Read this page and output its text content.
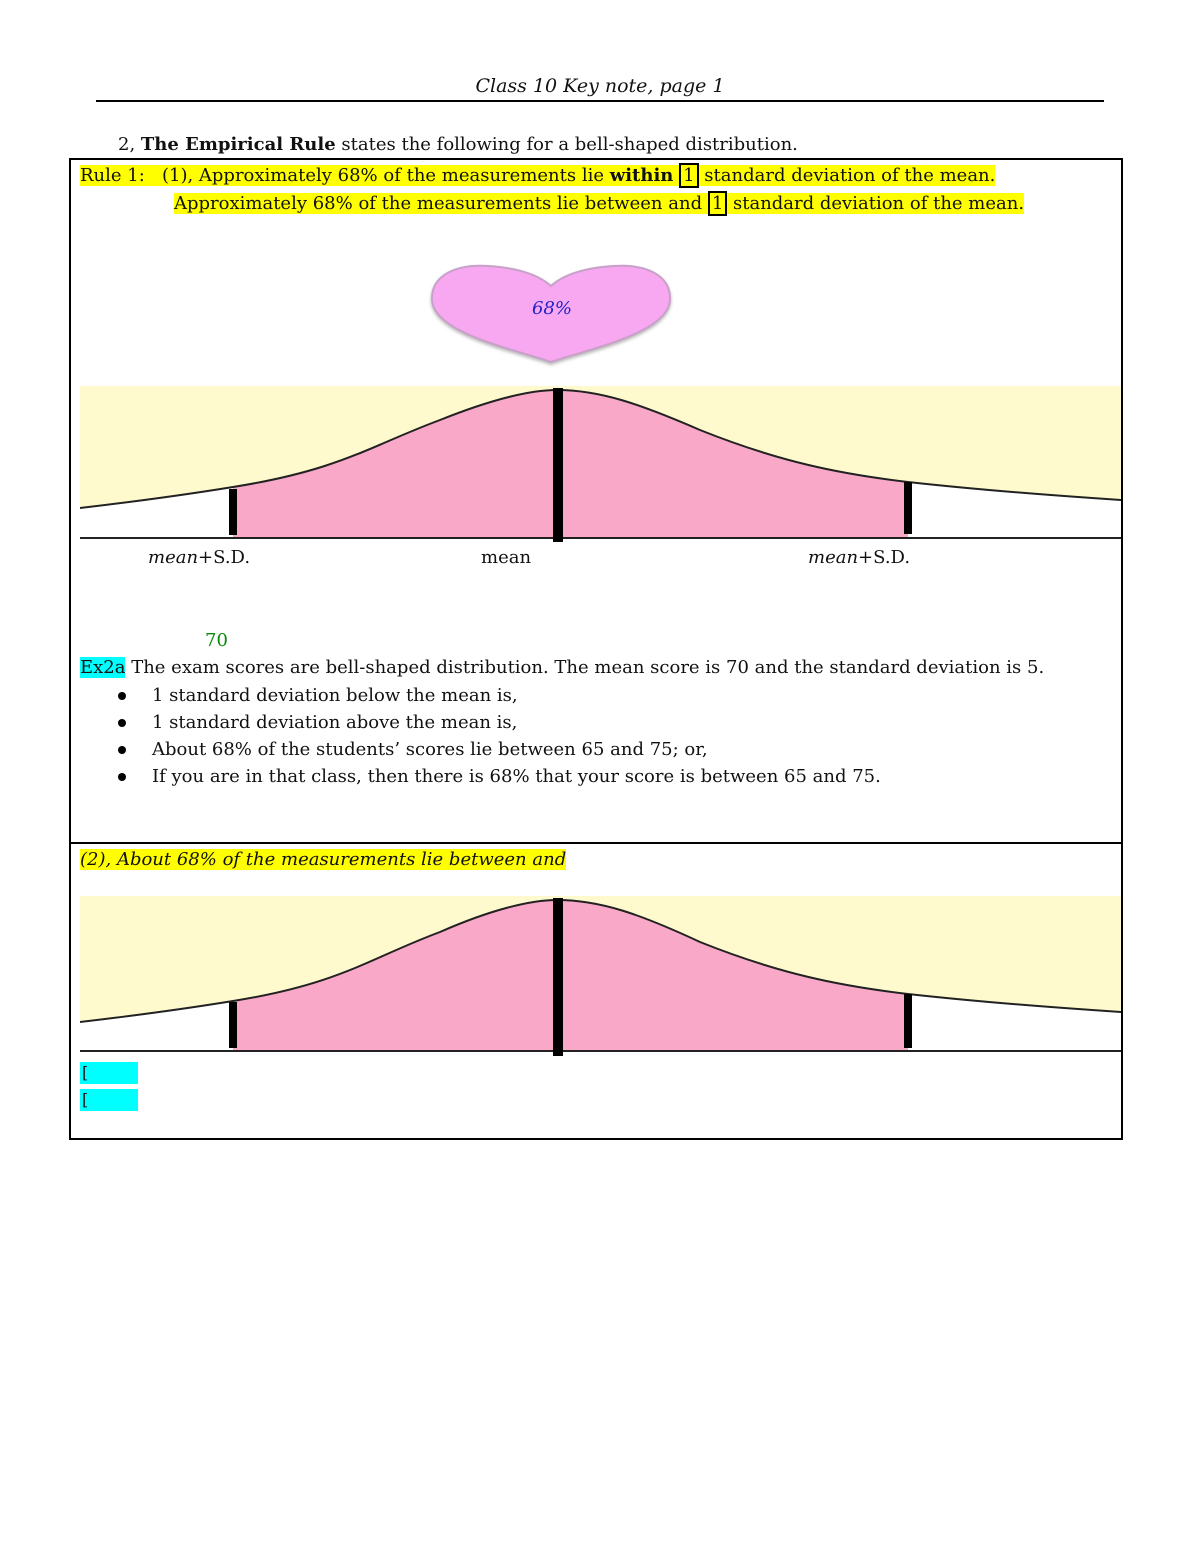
Class 10 Key note, page 1
2, The Empirical Rule states the following for a bell-shaped distribution.
Rule 1: (1), Approximately 68% of the measurements lie within 1 standard deviation of the mean.
Approximately 68% of the measurements lie between and 1 standard deviation of the mean.
68%
mean+S.D.	mean	mean+S.D.
70
Ex2a The exam scores are bell-shaped distribution. The mean score is 70 and the standard deviation is 5.
1 standard deviation below the mean is,
1 standard deviation above the mean is,
About 68% of the students’ scores lie between 65 and 75; or,
If you are in that class, then there is 68% that your score is between 65 and 75.
(2), About 68% of the measurements lie between and
[
[
